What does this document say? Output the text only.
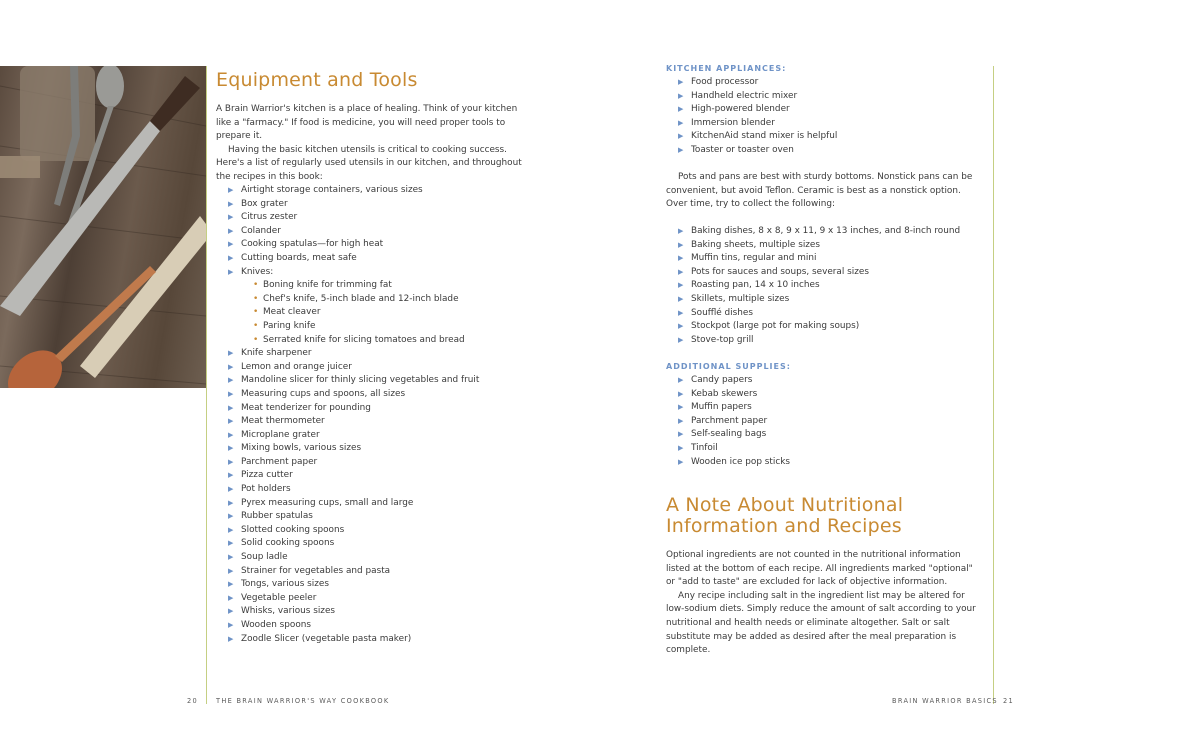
Equipment and Tools

A Brain Warrior's kitchen is a place of healing. Think of your kitchen like a "farmacy." If food is medicine, you will need proper tools to prepare it.

Having the basic kitchen utensils is critical to cooking success. Here's a list of regularly used utensils in our kitchen, and throughout the recipes in this book:

▶ Airtight storage containers, various sizes
▶ Box grater
▶ Citrus zester
▶ Colander
▶ Cooking spatulas—for high heat
▶ Cutting boards, meat safe
▶ Knives:
• Boning knife for trimming fat
• Chef's knife, 5-inch blade and 12-inch blade
• Meat cleaver
• Paring knife
• Serrated knife for slicing tomatoes and bread
▶ Knife sharpener
▶ Lemon and orange juicer
▶ Mandoline slicer for thinly slicing vegetables and fruit
▶ Measuring cups and spoons, all sizes
▶ Meat tenderizer for pounding
▶ Meat thermometer
▶ Microplane grater
▶ Mixing bowls, various sizes
▶ Parchment paper
▶ Pizza cutter
▶ Pot holders
▶ Pyrex measuring cups, small and large
▶ Rubber spatulas
▶ Slotted cooking spoons
▶ Solid cooking spoons
▶ Soup ladle
▶ Strainer for vegetables and pasta
▶ Tongs, various sizes
▶ Vegetable peeler
▶ Whisks, various sizes
▶ Wooden spoons
▶ Zoodle Slicer (vegetable pasta maker)
20	THE BRAIN WARRIOR'S WAY COOKBOOK
KITCHEN APPLIANCES:
▶ Food processor
▶ Handheld electric mixer
▶ High-powered blender
▶ Immersion blender
▶ KitchenAid stand mixer is helpful
▶ Toaster or toaster oven

Pots and pans are best with sturdy bottoms. Nonstick pans can be convenient, but avoid Teflon. Ceramic is best as a nonstick option. Over time, try to collect the following:

▶ Baking dishes, 8 x 8, 9 x 11, 9 x 13 inches, and 8-inch round
▶ Baking sheets, multiple sizes
▶ Muffin tins, regular and mini
▶ Pots for sauces and soups, several sizes
▶ Roasting pan, 14 x 10 inches
▶ Skillets, multiple sizes
▶ Soufflé dishes
▶ Stockpot (large pot for making soups)
▶ Stove-top grill
ADDITIONAL SUPPLIES:
▶ Candy papers
▶ Kebab skewers
▶ Muffin papers
▶ Parchment paper
▶ Self-sealing bags
▶ Tinfoil
▶ Wooden ice pop sticks
A Note About Nutritional Information and Recipes

Optional ingredients are not counted in the nutritional information listed at the bottom of each recipe. All ingredients marked "optional" or "add to taste" are excluded for lack of objective information.

Any recipe including salt in the ingredient list may be altered for low-sodium diets. Simply reduce the amount of salt according to your nutritional and health needs or eliminate altogether. Salt or salt substitute may be added as desired after the meal preparation is complete.

BRAIN WARRIOR BASICS 21
